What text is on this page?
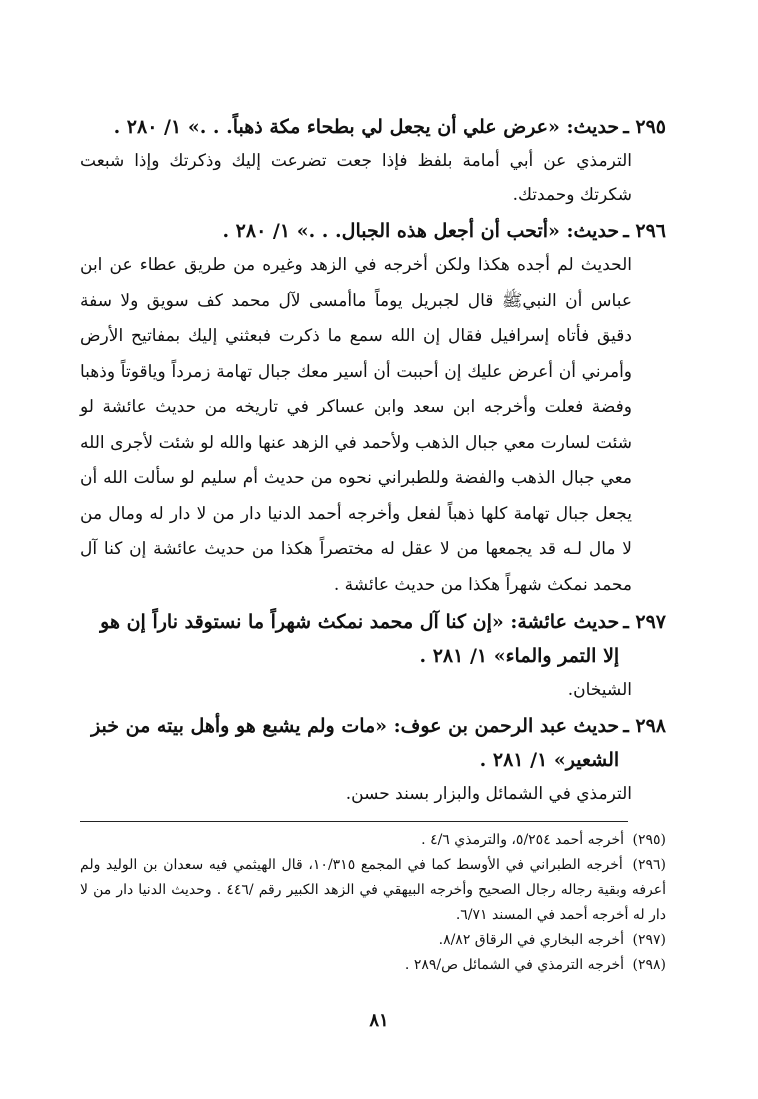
٢٩٥ ـ
حديث: «عرض علي أن يجعل لي بطحاء مكة ذهباً. . .» ١/ ٢٨٠ .
الترمذي عن أبي أمامة بلفظ فإذا جعت تضرعت إليك وذكرتك وإذا شبعت شكرتك وحمدتك.
٢٩٦ ـ
حديث: «أتحب أن أجعل هذه الجبال. . .» ١/ ٢٨٠ .
الحديث لم أجده هكذا ولكن أخرجه في الزهد وغيره من طريق عطاء عن ابن عباس أن النبيﷺ قال لجبريل يوماً ماأمسى لآل محمد كف سويق ولا سفة دقيق فأتاه إسرافيل فقال إن الله سمع ما ذكرت فبعثني إليك بمفاتيح الأرض وأمرني أن أعرض عليك إن أحببت أن أسير معك جبال تهامة زمرداً وياقوتاً وذهبا وفضة فعلت وأخرجه ابن سعد وابن عساكر في تاريخه من حديث عائشة لو شئت لسارت معي جبال الذهب ولأحمد في الزهد عنها والله لو شئت لأجرى الله معي جبال الذهب والفضة وللطبراني نحوه من حديث أم سليم لو سألت الله أن يجعل جبال تهامة كلها ذهباً لفعل وأخرجه أحمد الدنيا دار من لا دار له ومال من لا مال لـه قد يجمعها من لا عقل له مختصراً هكذا من حديث عائشة إن كنا آل محمد نمكث شهراً هكذا من حديث عائشة .
٢٩٧ ـ
حديث عائشة: «إن كنا آل محمد نمكث شهراً ما نستوقد ناراً إن هو إلا التمر والماء» ١/ ٢٨١ .
الشيخان.
٢٩٨ ـ
حديث عبد الرحمن بن عوف: «مات ولم يشبع هو وأهل بيته من خبز الشعير» ١/ ٢٨١ .
الترمذي في الشمائل والبزار بسند حسن.

(٢٩٥) أخرجه أحمد ٥/٢٥٤، والترمذي ٤/٦ .

(٢٩٦) أخرجه الطبراني في الأوسط كما في المجمع ١٠/٣١٥، قال الهيثمي فيه سعدان بن الوليد ولم أعرفه وبقية رجاله رجال الصحيح وأخرجه البيهقي في الزهد الكبير رقم /٤٤٦ . وحديث الدنيا دار من لا دار له أخرجه أحمد في المسند ٦/٧١.

(٢٩٧) أخرجه البخاري في الرقاق ٨/٨٢.

(٢٩٨) أخرجه الترمذي في الشمائل ص/٢٨٩ .

٨١
